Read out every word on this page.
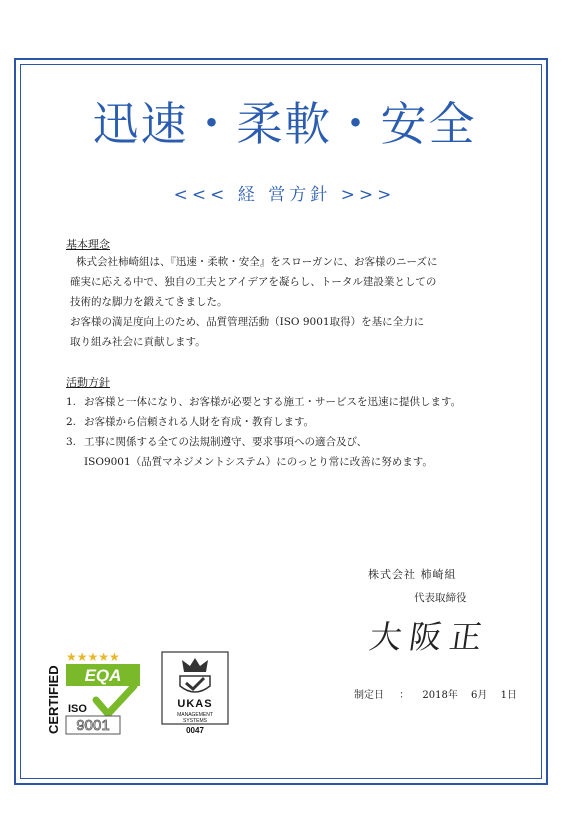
迅速・柔軟・安全
<<< 経 営方針 >>>
基本理念
株式会社柿崎組は、『迅速・柔軟・安全』をスローガンに、お客様のニーズに
確実に応える中で、独自の工夫とアイデアを凝らし、トータル建設業としての
技術的な脚力を鍛えてきました。
お客様の満足度向上のため、品質管理活動（ISO 9001取得）を基に全力に
取り組み社会に貢献します。
活動方針
1. お客様と一体になり、お客様が必要とする施工・サービスを迅速に提供します。
2. お客様から信頼される人財を育成・教育します。
3. 工事に関係する全ての法規制遵守、要求事項への適合及び、
ISO9001（品質マネジメントシステム）にのっとり常に改善に努めます。
株式会社 柿崎組
代表取締役
大阪正
制定日 ： 2018年 6月 1日
★★★★★
CERTIFIED EQA
ISO
9001
UKAS
MANAGEMENT
SYSTEMS
0047
